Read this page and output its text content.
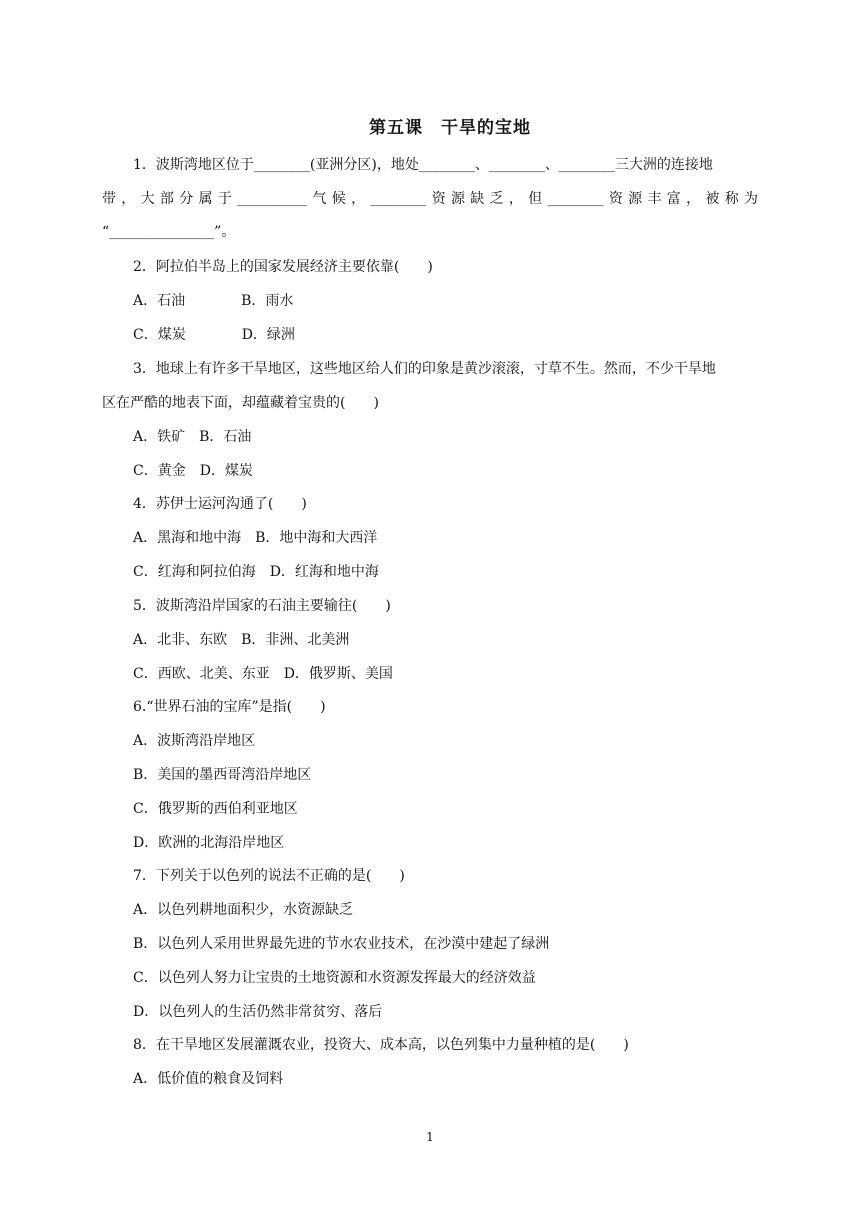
第五课　干旱的宝地
1．波斯湾地区位于________(亚洲分区)，地处________、________、________三大洲的连接地
带，大部分属于__________气候，________资源缺乏，但________资源丰富，被称为
“_______________”。
2．阿拉伯半岛上的国家发展经济主要依靠(　　)
A．石油　　　　B．雨水
C．煤炭　　　　D．绿洲
3．地球上有许多干旱地区，这些地区给人们的印象是黄沙滚滚，寸草不生。然而，不少干旱地
区在严酷的地表下面，却蕴藏着宝贵的(　　)
A．铁矿　B．石油
C．黄金　D．煤炭
4．苏伊士运河沟通了(　　)
A．黑海和地中海　B．地中海和大西洋
C．红海和阿拉伯海　D．红海和地中海
5．波斯湾沿岸国家的石油主要输往(　　)
A．北非、东欧　B．非洲、北美洲
C．西欧、北美、东亚　D．俄罗斯、美国
6.“世界石油的宝库”是指(　　)
A．波斯湾沿岸地区
B．美国的墨西哥湾沿岸地区
C．俄罗斯的西伯利亚地区
D．欧洲的北海沿岸地区
7．下列关于以色列的说法不正确的是(　　)
A．以色列耕地面积少，水资源缺乏
B．以色列人采用世界最先进的节水农业技术，在沙漠中建起了绿洲
C．以色列人努力让宝贵的土地资源和水资源发挥最大的经济效益
D．以色列人的生活仍然非常贫穷、落后
8．在干旱地区发展灌溉农业，投资大、成本高，以色列集中力量种植的是(　　)
A．低价值的粮食及饲料
1
